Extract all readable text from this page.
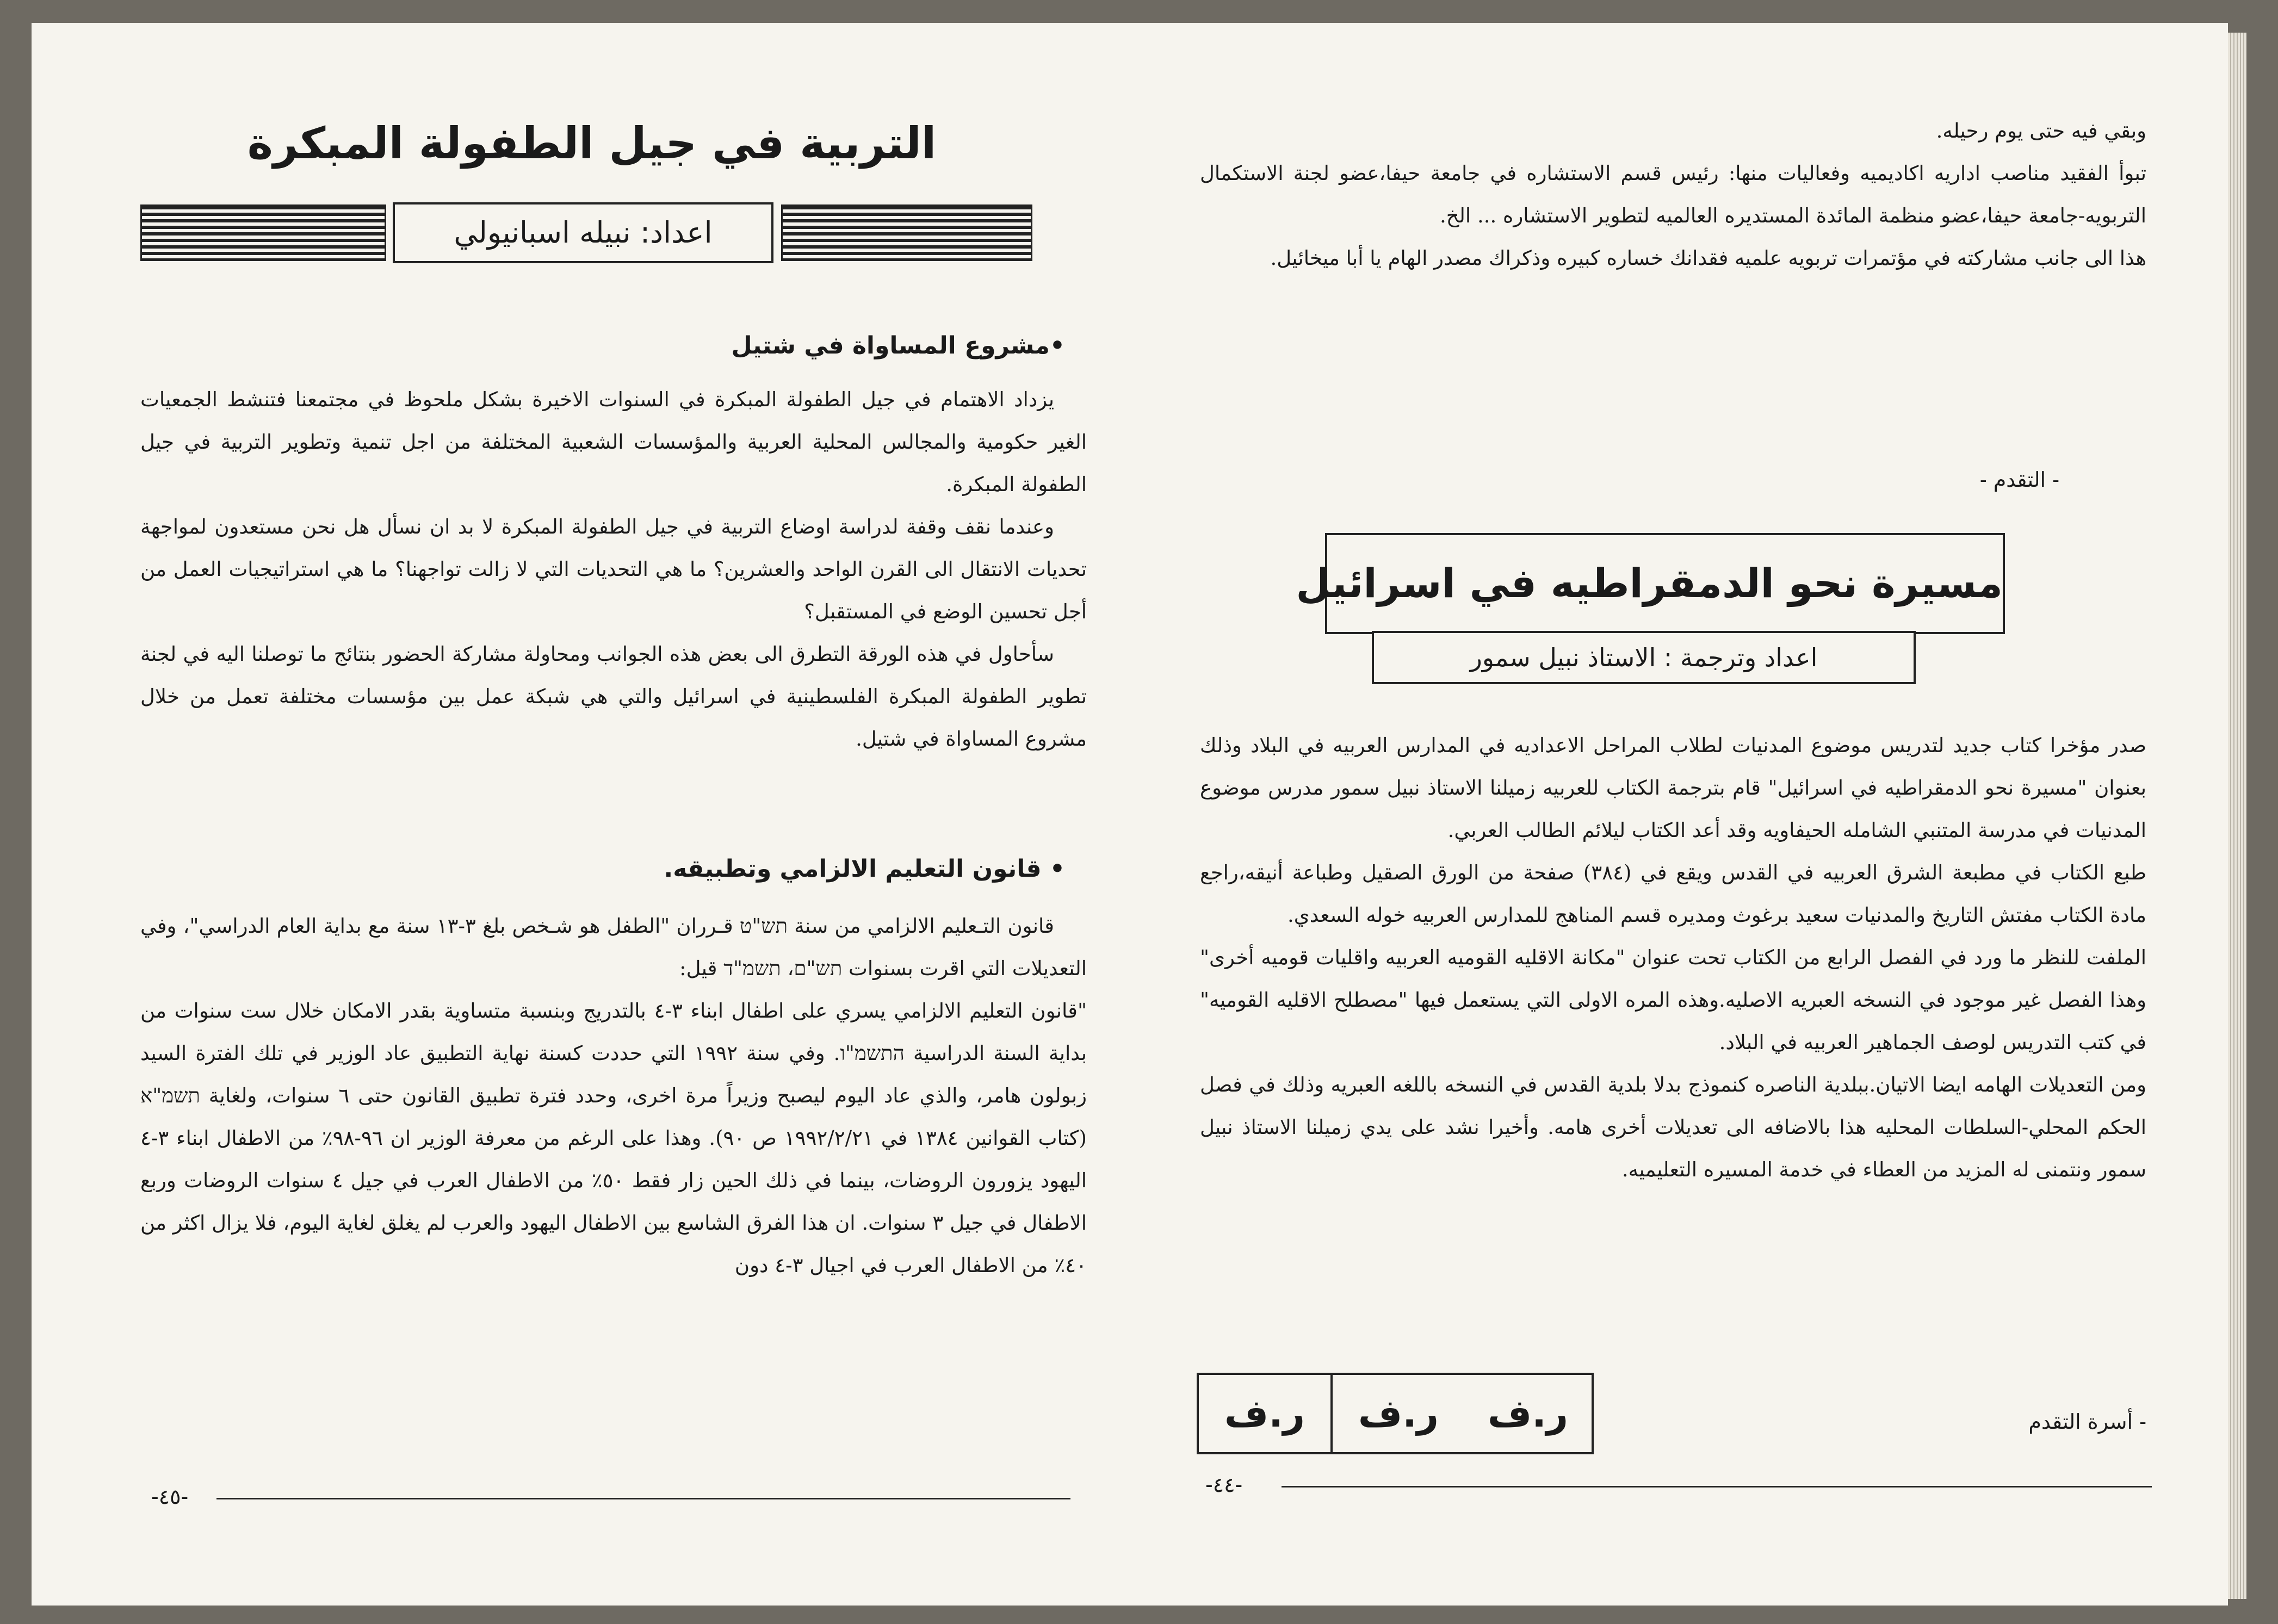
التربية في جيل الطفولة المبكرة
اعداد: نبيله اسبانيولي
•مشروع المساواة في شتيل

يزداد الاهتمام في جيل الطفولة المبكرة في السنوات الاخيرة بشكل ملحوظ في مجتمعنا فتنشط الجمعيات الغير حكومية والمجالس المحلية العربية والمؤسسات الشعبية المختلفة من اجل تنمية وتطوير التربية في جيل الطفولة المبكرة.

وعندما نقف وقفة لدراسة اوضاع التربية في جيل الطفولة المبكرة لا بد ان نسأل هل نحن مستعدون لمواجهة تحديات الانتقال الى القرن الواحد والعشرين؟ ما هي التحديات التي لا زالت تواجهنا؟ ما هي استراتيجيات العمل من أجل تحسين الوضع في المستقبل؟

سأحاول في هذه الورقة التطرق الى بعض هذه الجوانب ومحاولة مشاركة الحضور بنتائج ما توصلنا اليه في لجنة تطوير الطفولة المبكرة الفلسطينية في اسرائيل والتي هي شبكة عمل بين مؤسسات مختلفة تعمل من خلال مشروع المساواة في شتيل.

• قانون التعليم الالزامي وتطبيقه.

قانون التـعليم الالزامي من سنة תש"ט قـرران "الطفل هو شـخص بلغ ٣-١٣ سنة مع بداية العام الدراسي"، وفي التعديلات التي اقرت بسنوات תש"ם، תשמ"ד قيل:

"قانون التعليم الالزامي يسري على اطفال ابناء ٣-٤ بالتدريج وبنسبة متساوية بقدر الامكان خلال ست سنوات من بداية السنة الدراسية התשמ"ו. وفي سنة ١٩٩٢ التي حددت كسنة نهاية التطبيق عاد الوزير في تلك الفترة السيد زبولون هامر، والذي عاد اليوم ليصبح وزيراً مرة اخرى، وحدد فترة تطبيق القانون حتى ٦ سنوات، ولغاية תשמ"א (كتاب القوانين ١٣٨٤ في ١٩٩٢/٢/٢١ ص ٩٠). وهذا على الرغم من معرفة الوزير ان ٩٦-٩٨٪ من الاطفال ابناء ٣-٤ اليهود يزورون الروضات، بينما في ذلك الحين زار فقط ٥٠٪ من الاطفال العرب في جيل ٤ سنوات الروضات وربع الاطفال في جيل ٣ سنوات. ان هذا الفرق الشاسع بين الاطفال اليهود والعرب لم يغلق لغاية اليوم، فلا يزال اكثر من ٤٠٪ من الاطفال العرب في اجيال ٣-٤ دون

-٤٥-
وبقي فيه حتى يوم رحيله.

تبوأ الفقيد مناصب اداريه اكاديميه وفعاليات منها: رئيس قسم الاستشاره في جامعة حيفا،عضو لجنة الاستكمال التربويه-جامعة حيفا،عضو منظمة المائدة المستديره العالميه لتطوير الاستشاره ... الخ.

هذا الى جانب مشاركته في مؤتمرات تربويه علميه فقدانك خساره كبيره وذكراك مصدر الهام يا أبا ميخائيل.

- التقدم -
مسيرة نحو الدمقراطيه في اسرائيل
اعداد وترجمة : الاستاذ نبيل سمور

صدر مؤخرا كتاب جديد لتدريس موضوع المدنيات لطلاب المراحل الاعداديه في المدارس العربيه في البلاد وذلك بعنوان "مسيرة نحو الدمقراطيه في اسرائيل" قام بترجمة الكتاب للعربيه زميلنا الاستاذ نبيل سمور مدرس موضوع المدنيات في مدرسة المتنبي الشامله الحيفاويه وقد أعد الكتاب ليلائم الطالب العربي.

طبع الكتاب في مطبعة الشرق العربيه في القدس ويقع في (٣٨٤) صفحة من الورق الصقيل وطباعة أنيقه،راجع مادة الكتاب مفتش التاريخ والمدنيات سعيد برغوث ومديره قسم المناهج للمدارس العربيه خوله السعدي.

الملفت للنظر ما ورد في الفصل الرابع من الكتاب تحت عنوان "مكانة الاقليه القوميه العربيه واقليات قوميه أخرى" وهذا الفصل غير موجود في النسخه العبريه الاصليه.وهذه المره الاولى التي يستعمل فيها "مصطلح الاقليه القوميه" في كتب التدريس لوصف الجماهير العربيه في البلاد.

ومن التعديلات الهامه ايضا الاتيان.ببلدية الناصره كنموذج بدلا بلدية القدس في النسخه باللغه العبريه وذلك في فصل الحكم المحلي-السلطات المحليه هذا بالاضافه الى تعديلات أخرى هامه. وأخيرا نشد على يدي زميلنا الاستاذ نبيل سمور ونتمنى له المزيد من العطاء في خدمة المسيره التعليميه.

- أسرة التقدم
ر.ف
ر.ف
ر.ف
-٤٤-
